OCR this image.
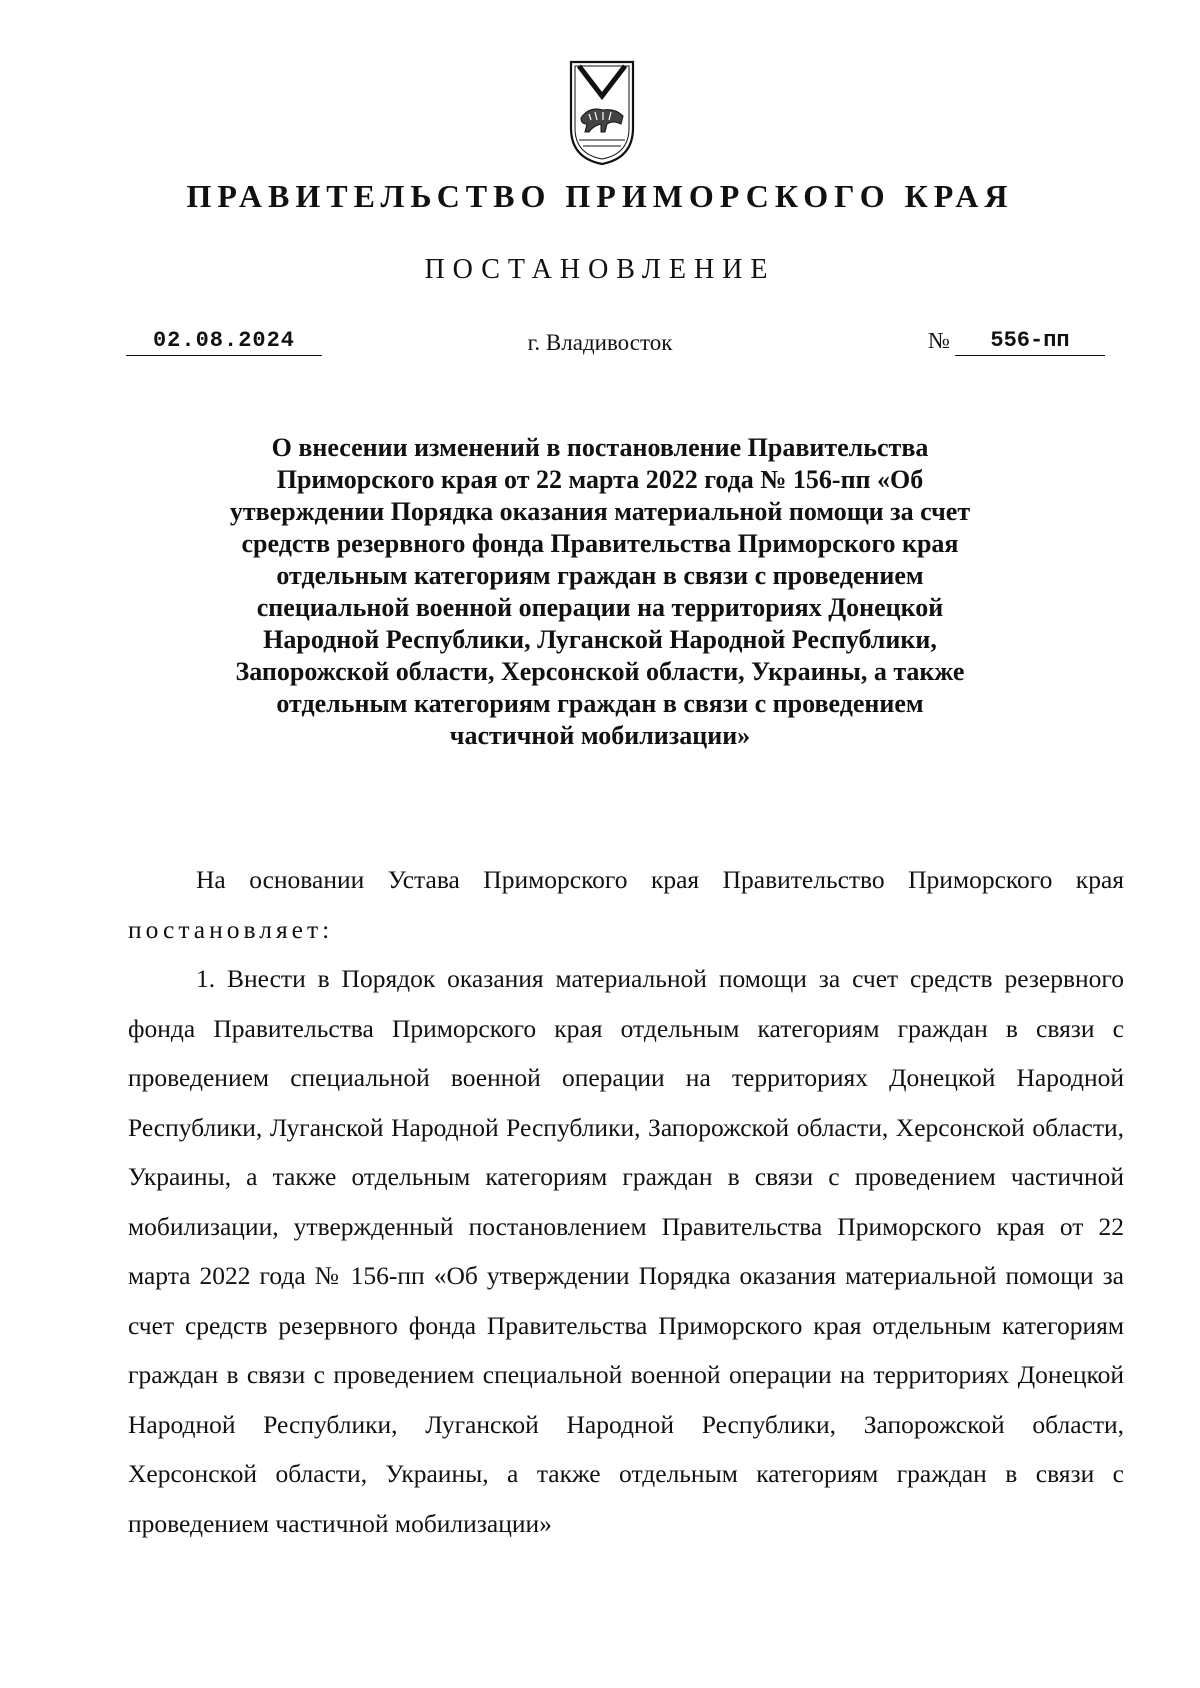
ПРАВИТЕЛЬСТВО ПРИМОРСКОГО КРАЯ
ПОСТАНОВЛЕНИЕ
02.08.2024	г. Владивосток	№	556-пп
О внесении изменений в постановление Правительства Приморского края от 22 марта 2022 года № 156-пп «Об утверждении Порядка оказания материальной помощи за счет средств резервного фонда Правительства Приморского края отдельным категориям граждан в связи с проведением специальной военной операции на территориях Донецкой Народной Республики, Луганской Народной Республики, Запорожской области, Херсонской области, Украины, а также отдельным категориям граждан в связи с проведением частичной мобилизации»
На основании Устава Приморского края Правительство Приморского края постановляет:
1. Внести в Порядок оказания материальной помощи за счет средств резервного фонда Правительства Приморского края отдельным категориям граждан в связи с проведением специальной военной операции на территориях Донецкой Народной Республики, Луганской Народной Республики, Запорожской области, Херсонской области, Украины, а также отдельным категориям граждан в связи с проведением частичной мобилизации, утвержденный постановлением Правительства Приморского края от 22 марта 2022 года № 156-пп «Об утверждении Порядка оказания материальной помощи за счет средств резервного фонда Правительства Приморского края отдельным категориям граждан в связи с проведением специальной военной операции на территориях Донецкой Народной Республики, Луганской Народной Республики, Запорожской области, Херсонской области, Украины, а также отдельным категориям граждан в связи с проведением частичной мобилизации»
